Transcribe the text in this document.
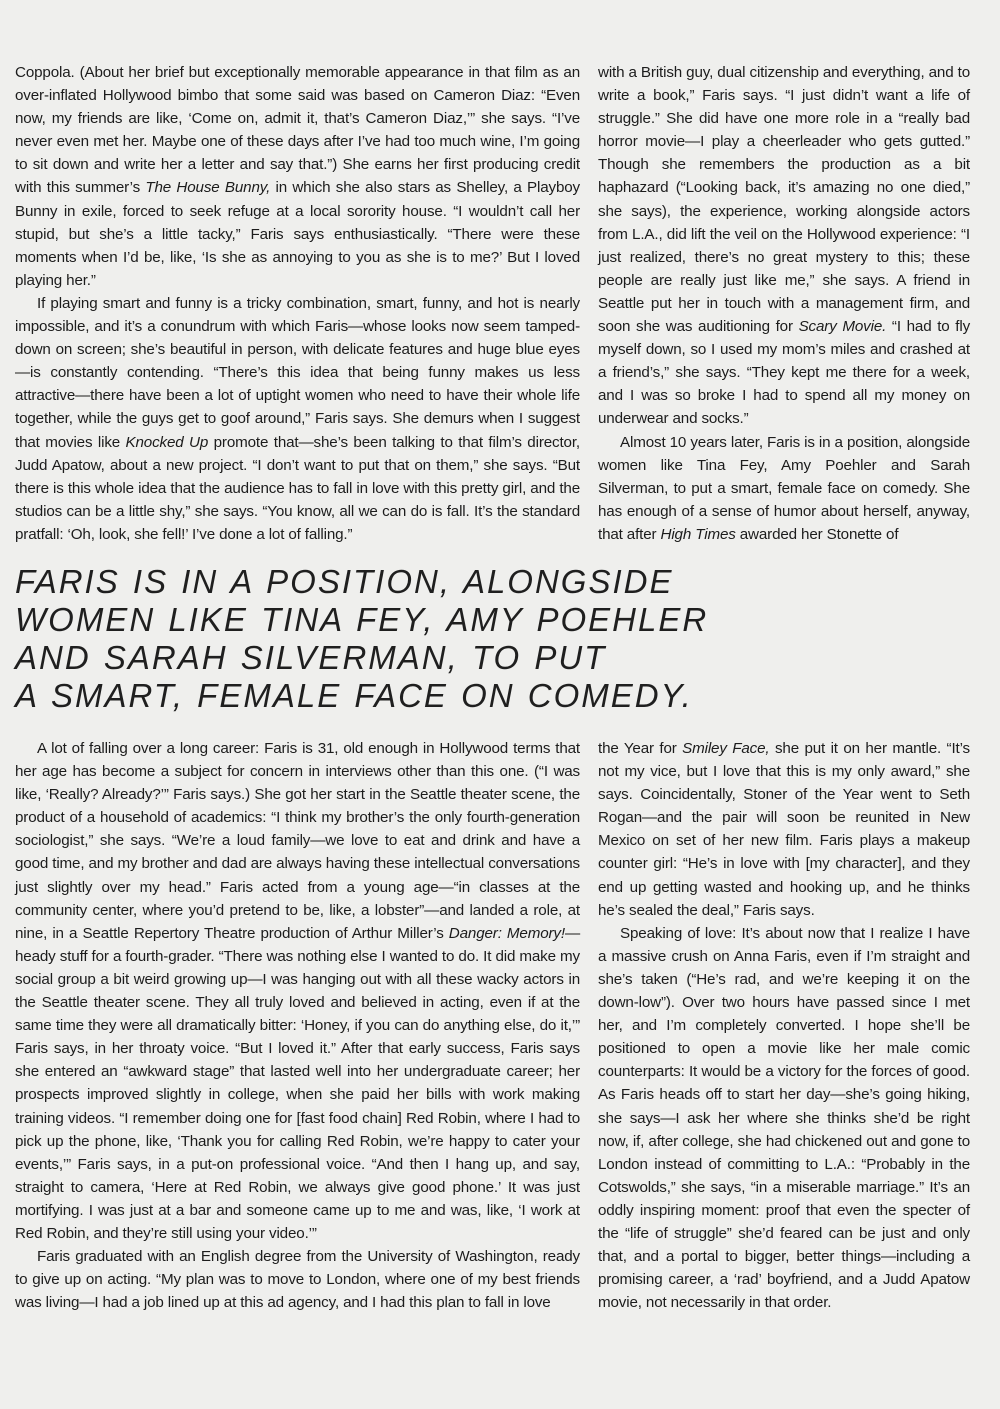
Coppola. (About her brief but exceptionally memorable appearance in that film as an over-inflated Hollywood bimbo that some said was based on Cameron Diaz: “Even now, my friends are like, ‘Come on, admit it, that’s Cameron Diaz,’” she says. “I’ve never even met her. Maybe one of these days after I’ve had too much wine, I’m going to sit down and write her a letter and say that.”) She earns her first producing credit with this summer’s The House Bunny, in which she also stars as Shelley, a Playboy Bunny in exile, forced to seek refuge at a local sorority house. “I wouldn’t call her stupid, but she’s a little tacky,” Faris says enthusiastically. “There were these moments when I’d be, like, ‘Is she as annoying to you as she is to me?’ But I loved playing her.”

If playing smart and funny is a tricky combination, smart, funny, and hot is nearly impossible, and it’s a conundrum with which Faris—whose looks now seem tamped-down on screen; she’s beautiful in person, with delicate features and huge blue eyes—is constantly contending. “There’s this idea that being funny makes us less attractive—there have been a lot of uptight women who need to have their whole life together, while the guys get to goof around,” Faris says. She demurs when I suggest that movies like Knocked Up promote that—she’s been talking to that film’s director, Judd Apatow, about a new project. “I don’t want to put that on them,” she says. “But there is this whole idea that the audience has to fall in love with this pretty girl, and the studios can be a little shy,” she says. “You know, all we can do is fall. It’s the standard pratfall: ‘Oh, look, she fell!’ I’ve done a lot of falling.”

with a British guy, dual citizenship and everything, and to write a book,” Faris says. “I just didn’t want a life of struggle.” She did have one more role in a “really bad horror movie—I play a cheerleader who gets gutted.” Though she remembers the production as a bit haphazard (“Looking back, it’s amazing no one died,” she says), the experience, working alongside actors from L.A., did lift the veil on the Hollywood experience: “I just realized, there’s no great mystery to this; these people are really just like me,” she says. A friend in Seattle put her in touch with a management firm, and soon she was auditioning for Scary Movie. “I had to fly myself down, so I used my mom’s miles and crashed at a friend’s,” she says. “They kept me there for a week, and I was so broke I had to spend all my money on underwear and socks.”

Almost 10 years later, Faris is in a position, alongside women like Tina Fey, Amy Poehler and Sarah Silverman, to put a smart, female face on comedy. She has enough of a sense of humor about herself, anyway, that after High Times awarded her Stonette of

FARIS IS IN A POSITION, ALONGSIDE
WOMEN LIKE TINA FEY, AMY POEHLER
AND SARAH SILVERMAN, TO PUT
A SMART, FEMALE FACE ON COMEDY.

A lot of falling over a long career: Faris is 31, old enough in Hollywood terms that her age has become a subject for concern in interviews other than this one. (“I was like, ‘Really? Already?’” Faris says.) She got her start in the Seattle theater scene, the product of a household of academics: “I think my brother’s the only fourth-generation sociologist,” she says. “We’re a loud family—we love to eat and drink and have a good time, and my brother and dad are always having these intellectual conversations just slightly over my head.” Faris acted from a young age—“in classes at the community center, where you’d pretend to be, like, a lobster”—and landed a role, at nine, in a Seattle Repertory Theatre production of Arthur Miller’s Danger: Memory!—heady stuff for a fourth-grader. “There was nothing else I wanted to do. It did make my social group a bit weird growing up—I was hanging out with all these wacky actors in the Seattle theater scene. They all truly loved and believed in acting, even if at the same time they were all dramatically bitter: ‘Honey, if you can do anything else, do it,’” Faris says, in her throaty voice. “But I loved it.” After that early success, Faris says she entered an “awkward stage” that lasted well into her undergraduate career; her prospects improved slightly in college, when she paid her bills with work making training videos. “I remember doing one for [fast food chain] Red Robin, where I had to pick up the phone, like, ‘Thank you for calling Red Robin, we’re happy to cater your events,’” Faris says, in a put-on professional voice. “And then I hang up, and say, straight to camera, ‘Here at Red Robin, we always give good phone.’ It was just mortifying. I was just at a bar and someone came up to me and was, like, ‘I work at Red Robin, and they’re still using your video.’”

Faris graduated with an English degree from the University of Washington, ready to give up on acting. “My plan was to move to London, where one of my best friends was living—I had a job lined up at this ad agency, and I had this plan to fall in love

the Year for Smiley Face, she put it on her mantle. “It’s not my vice, but I love that this is my only award,” she says. Coincidentally, Stoner of the Year went to Seth Rogan—and the pair will soon be reunited in New Mexico on set of her new film. Faris plays a makeup counter girl: “He’s in love with [my character], and they end up getting wasted and hooking up, and he thinks he’s sealed the deal,” Faris says.

Speaking of love: It’s about now that I realize I have a massive crush on Anna Faris, even if I’m straight and she’s taken (“He’s rad, and we’re keeping it on the down-low”). Over two hours have passed since I met her, and I’m completely converted. I hope she’ll be positioned to open a movie like her male comic counterparts: It would be a victory for the forces of good. As Faris heads off to start her day—she’s going hiking, she says—I ask her where she thinks she’d be right now, if, after college, she had chickened out and gone to London instead of committing to L.A.: “Probably in the Cotswolds,” she says, “in a miserable marriage.” It’s an oddly inspiring moment: proof that even the specter of the “life of struggle” she’d feared can be just and only that, and a portal to bigger, better things—including a promising career, a ‘rad’ boyfriend, and a Judd Apatow movie, not necessarily in that order.
